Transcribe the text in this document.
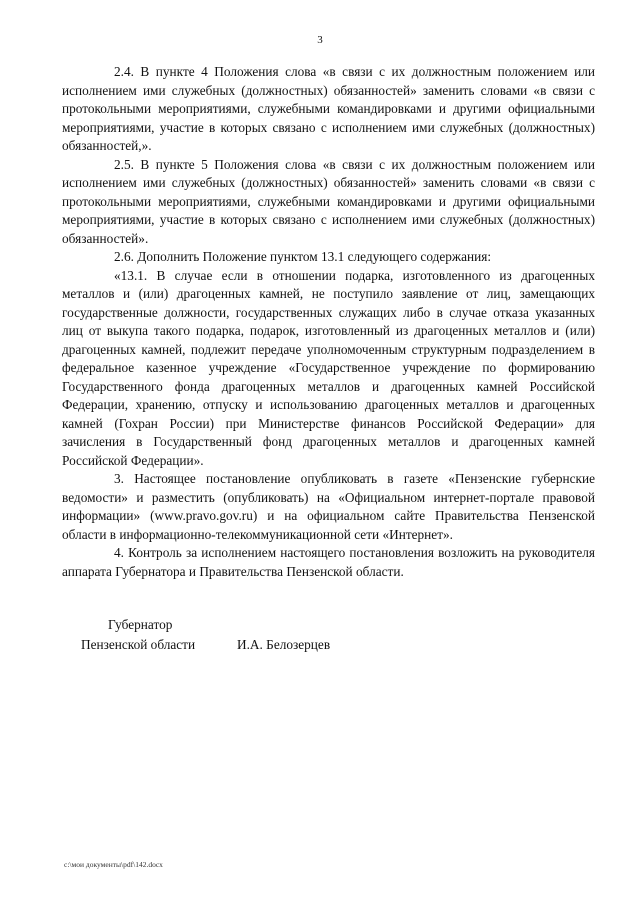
3

2.4. В пункте 4 Положения слова «в связи с их должностным положением или исполнением ими служебных (должностных) обязанностей» заменить словами «в связи с протокольными мероприятиями, служебными командировками и другими официальными мероприятиями, участие в которых связано с исполнением ими служебных (должностных) обязанностей,».

2.5. В пункте 5 Положения слова «в связи с их должностным положением или исполнением ими служебных (должностных) обязанностей» заменить словами «в связи с протокольными мероприятиями, служебными командировками и другими официальными мероприятиями, участие в которых связано с исполнением ими служебных (должностных) обязанностей».

2.6. Дополнить Положение пунктом 13.1 следующего содержания:

«13.1. В случае если в отношении подарка, изготовленного из драгоценных металлов и (или) драгоценных камней, не поступило заявление от лиц, замещающих государственные должности, государственных служащих либо в случае отказа указанных лиц от выкупа такого подарка, подарок, изготовленный из драгоценных металлов и (или) драгоценных камней, подлежит передаче уполномоченным структурным подразделением в федеральное казенное учреждение «Государственное учреждение по формированию Государственного фонда драгоценных металлов и драгоценных камней Российской Федерации, хранению, отпуску и использованию драгоценных металлов и драгоценных камней (Гохран России) при Министерстве финансов Российской Федерации» для зачисления в Государственный фонд драгоценных металлов и драгоценных камней Российской Федерации».

3. Настоящее постановление опубликовать в газете «Пензенские губернские ведомости» и разместить (опубликовать) на «Официальном интернет-портале правовой информации» (www.pravo.gov.ru) и на официальном сайте Правительства Пензенской области в информационно-телекоммуникационной сети «Интернет».

4. Контроль за исполнением настоящего постановления возложить на руководителя аппарата Губернатора и Правительства Пензенской области.

Губернатор
Пензенской области	И.А. Белозерцев
c:\мои документы\pdf\142.docx
